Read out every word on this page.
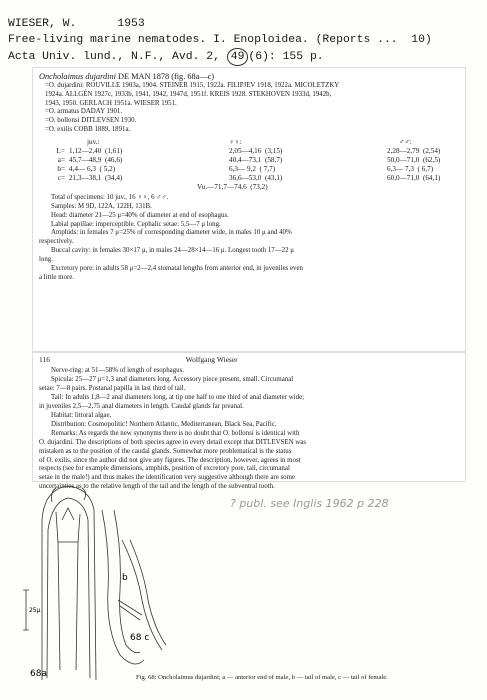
WIESER, W.      1953
Free-living marine nematodes. I. Enoploidea. (Reports ...  10)
Acta Univ. lund., N.F., Avd. 2, 49 (6): 155 p.
Oncholaimus dujardini DE MAN 1878 (fig. 68a—c)
=O. dujardini: ROUVILLE 1903a, 1904. STEINER 1915, 1922a. FILIPJEV 1918, 1922a. MICOLETZKY
1924a. ALLGÉN 1927c, 1933b, 1941, 1942, 1947d, 1951f. KREIS 1928. STEKHOVEN 1933d, 1942b,
1943, 1950. GERLACH 1951a. WIESER 1951.
=O. armatus DADAY 1901.
=O. bollonsi DITLEVSEN 1930.
=O. exilis COBB 1889, 1891a.
	juv.:	♀♀:	♂♂:
L=	1,12—2,40  (1,61)	2,05—4,16  (3,15)	2,28—2,79  (2,54)
a=	45,7—48,9  (46,6)	40,4—73,1  (58,7)	50,0—71,0  (62,5)
b=	4,4— 6,3  ( 5,2)	6,3— 9,2  ( 7,7)	6,3— 7,3  ( 6,7)
c=	21,3—38,1  (34,4)	36,6—53,0  (43,1)	60,0—71,0  (64,1)
		Vu.—71,7—74,6  (73,2)	
Total of specimens: 10 juv., 16 ♀♀, 6 ♂♂.
Samples: M 9D, 122A, 122H, 131B.
Head: diameter 21—25 μ=40% of diameter at end of esophagus.
Labial papillae: imperceptible. Cephalic setae: 5,5—7 μ long.
Amphids: in females 7 μ=25% of corresponding diameter wide, in males 10 μ and 40%
respectively.
Buccal cavity: in females 30×17 μ, in males 24—28×14—16 μ. Longest tooth 17—22 μ
long.
Excretory pore: in adults 58 μ=2—2,4 stomatal lengths from anterior end, in juveniles even
a little more.
116	Wolfgang Wieser
Nerve-ring: at 51—58% of length of esophagus.
Spicula: 25—27 μ=1,3 anal diameters long. Accessory piece present, small. Circumanal
setae: 7—8 pairs. Postanal papilla in last third of tail.
Tail: In adults 1,8—2 anal diameters long, at tip one half to one third of anal diameter wide;
in juveniles 2,5—2,75 anal diameters in length. Caudal glands far preanal.
Habitat: littoral algae.
Distribution: Cosmopolitic! Northern Atlantic, Mediterranean, Black Sea, Pacific.
Remarks: As regards the new synonyms there is no doubt that O. bollonsi is identical with
O. dujardini. The descriptions of both species agree in every detail except that DITLEVSEN was
mistaken as to the position of the caudal glands. Somewhat more problematical is the status
of O. exilis, since the author did not give any figures. The description, however, agrees in most
respects (see for example dimensions, amphids, position of excretory pore, tail, circumanal
setae in the male!) and thus makes the identification very suggestive although there are some
uncertainties as to the relative length of the tail and the length of the subventral tooth.
68a
b
68 c
25μ
Fig. 68: Oncholaimus dujardini; a — anterior end of male, b — tail of male, c — tail of female.
? publ. see Inglis 1962 p 228
